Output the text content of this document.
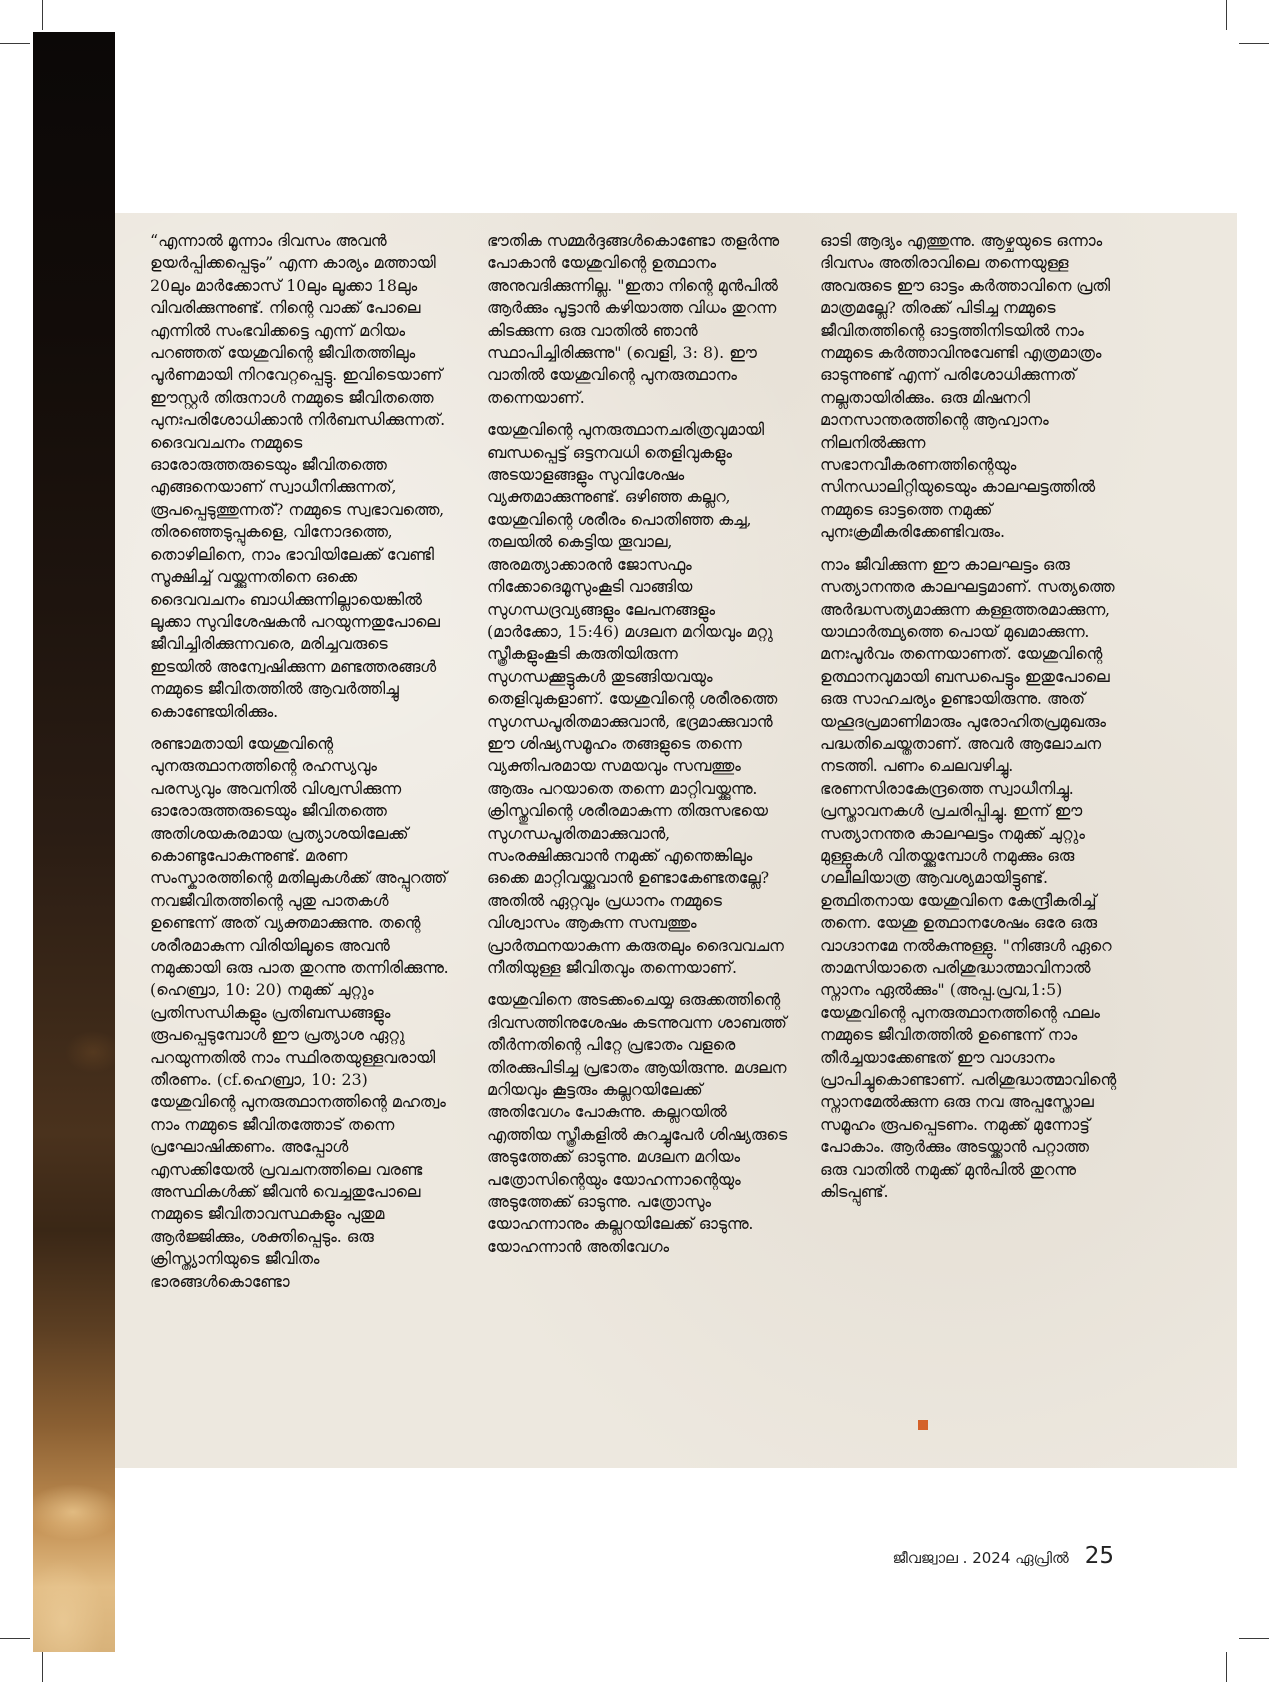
“എന്നാൽ മൂന്നാം ദിവസം അവൻ ഉയർപ്പിക്കപ്പെടും” എന്ന കാര്യം മത്തായി 20ലും മാർക്കോസ് 10ലും ലൂക്കാ 18ലും വിവരിക്കുന്നുണ്ട്. നിന്റെ വാക്ക് പോലെ എന്നിൽ സംഭവിക്കട്ടെ എന്ന് മറിയം പറഞ്ഞത് യേശുവിന്റെ ജീവിതത്തിലും പൂർണമായി നിറവേറ്റപ്പെട്ടു. ഇവിടെയാണ് ഈസ്റ്റർ തിരുനാൾ നമ്മുടെ ജീവിതത്തെ പുനഃപരിശോധിക്കാൻ നിർബന്ധിക്കുന്നത്. ദൈവവചനം നമ്മുടെ ഓരോരുത്തരുടെയും ജീവിതത്തെ എങ്ങനെയാണ് സ്വാധീനിക്കുന്നത്, രൂപപ്പെടുത്തുന്നത്? നമ്മുടെ സ്വഭാവത്തെ, തിരഞ്ഞെടുപ്പുകളെ, വിനോദത്തെ, തൊഴിലിനെ, നാം ഭാവിയിലേക്ക് വേണ്ടി സൂക്ഷിച്ച് വയ്ക്കുന്നതിനെ ഒക്കെ ദൈവവചനം ബാധിക്കുന്നില്ലായെങ്കിൽ ലൂക്കാ സുവിശേഷകൻ പറയുന്നതുപോലെ ജീവിച്ചിരിക്കുന്നവരെ, മരിച്ചവരുടെ ഇടയിൽ അന്വേഷിക്കുന്ന മണ്ടത്തരങ്ങൾ നമ്മുടെ ജീവിതത്തിൽ ആവർത്തിച്ചു കൊണ്ടേയിരിക്കും.

രണ്ടാമതായി യേശുവിന്റെ പുനരുത്ഥാനത്തിന്റെ രഹസ്യവും പരസ്യവും അവനിൽ വിശ്വസിക്കുന്ന ഓരോരുത്തരുടെയും ജീവിതത്തെ അതിശയകരമായ പ്രത്യാശയിലേക്ക് കൊണ്ടുപോകുന്നുണ്ട്. മരണ സംസ്കാരത്തിന്റെ മതിലുകൾക്ക് അപ്പുറത്ത് നവജീവിതത്തിന്റെ പുതു പാതകൾ ഉണ്ടെന്ന് അത് വ്യക്തമാക്കുന്നു. തന്റെ ശരീരമാകുന്ന വിരിയിലൂടെ അവൻ നമുക്കായി ഒരു പാത തുറന്നു തന്നിരിക്കുന്നു. (ഹെബ്രാ, 10: 20) നമുക്ക് ചുറ്റും പ്രതിസന്ധികളും പ്രതിബന്ധങ്ങളും രൂപപ്പെടുമ്പോൾ ഈ പ്രത്യാശ ഏറ്റു പറയുന്നതിൽ നാം സ്ഥിരതയുള്ളവരായി തീരണം. (cf.ഹെബ്രാ, 10: 23) യേശുവിന്റെ പുനരുത്ഥാനത്തിന്റെ മഹത്വം നാം നമ്മുടെ ജീവിതത്തോട് തന്നെ പ്രഘോഷിക്കണം. അപ്പോൾ എസക്കിയേൽ പ്രവചനത്തിലെ വരണ്ട അസ്ഥികൾക്ക് ജീവൻ വെച്ചതുപോലെ നമ്മുടെ ജീവിതാവസ്ഥകളും പുതുമ ആർജ്ജിക്കും, ശക്തിപ്പെടും. ഒരു ക്രിസ്ത്യാനിയുടെ ജീവിതം ഭാരങ്ങൾകൊണ്ടോ

ഭൗതിക സമ്മർദ്ദങ്ങൾകൊണ്ടോ തളർന്നു പോകാൻ യേശുവിന്റെ ഉത്ഥാനം അനുവദിക്കുന്നില്ല. "ഇതാ നിന്റെ മുൻപിൽ ആർക്കും പൂട്ടാൻ കഴിയാത്ത വിധം തുറന്ന കിടക്കുന്ന ഒരു വാതിൽ ഞാൻ സ്ഥാപിച്ചിരിക്കുന്നു" (വെളി, 3: 8). ഈ വാതിൽ യേശുവിന്റെ പുനരുത്ഥാനം തന്നെയാണ്.

യേശുവിന്റെ പുനരുത്ഥാനചരിത്രവുമായി ബന്ധപ്പെട്ട് ഒട്ടനവധി തെളിവുകളും അടയാളങ്ങളും സുവിശേഷം വ്യക്തമാക്കുന്നുണ്ട്. ഒഴിഞ്ഞ കല്ലറ, യേശുവിന്റെ ശരീരം പൊതിഞ്ഞ കച്ച, തലയിൽ കെട്ടിയ തൂവാല, അരമത്യാക്കാരൻ ജോസഫും നിക്കോദെമൂസുംകൂടി വാങ്ങിയ സുഗന്ധദ്രവ്യങ്ങളും ലേപനങ്ങളും (മാർക്കോ, 15:46) മഗ്ദലന മറിയവും മറ്റു സ്ത്രീകളുംകൂടി കരുതിയിരുന്ന സുഗന്ധക്കൂട്ടുകൾ തുടങ്ങിയവയും തെളിവുകളാണ്. യേശുവിന്റെ ശരീരത്തെ സുഗന്ധപൂരിതമാക്കുവാൻ, ഭദ്രമാക്കുവാൻ ഈ ശിഷ്യസമൂഹം തങ്ങളുടെ തന്നെ വ്യക്തിപരമായ സമയവും സമ്പത്തും ആരും പറയാതെ തന്നെ മാറ്റിവയ്ക്കുന്നു. ക്രിസ്തുവിന്റെ ശരീരമാകുന്ന തിരുസഭയെ സുഗന്ധപൂരിതമാക്കുവാൻ, സംരക്ഷിക്കുവാൻ നമുക്ക് എന്തെങ്കിലും ഒക്കെ മാറ്റിവയ്ക്കുവാൻ ഉണ്ടാകേണ്ടതല്ലേ? അതിൽ ഏറ്റവും പ്രധാനം നമ്മുടെ വിശ്വാസം ആകുന്ന സമ്പത്തും പ്രാർത്ഥനയാകുന്ന കരുതലും ദൈവവചന നീതിയുള്ള ജീവിതവും തന്നെയാണ്.

യേശുവിനെ അടക്കംചെയ്യ ഒരുക്കത്തിന്റെ ദിവസത്തിനുശേഷം കടന്നുവന്ന ശാബത്ത് തീർന്നതിന്റെ പിറ്റേ പ്രഭാതം വളരെ തിരക്കുപിടിച്ച പ്രഭാതം ആയിരുന്നു. മഗ്ദലന മറിയവും കൂട്ടരും കല്ലറയിലേക്ക് അതിവേഗം പോകുന്നു. കല്ലറയിൽ എത്തിയ സ്ത്രീകളിൽ കുറച്ചുപേർ ശിഷ്യരുടെ അടുത്തേക്ക് ഓടുന്നു. മഗ്ദലന മറിയം പത്രോസിന്റെയും യോഹന്നാന്റെയും അടുത്തേക്ക് ഓടുന്നു. പത്രോസും യോഹന്നാനും കല്ലറയിലേക്ക് ഓടുന്നു. യോഹന്നാൻ അതിവേഗം

ഓടി ആദ്യം എത്തുന്നു. ആഴ്ചയുടെ ഒന്നാം ദിവസം അതിരാവിലെ തന്നെയുള്ള അവരുടെ ഈ ഓട്ടം കർത്താവിനെ പ്രതി മാത്രമല്ലേ? തിരക്ക് പിടിച്ച നമ്മുടെ ജീവിതത്തിന്റെ ഓട്ടത്തിനിടയിൽ നാം നമ്മുടെ കർത്താവിനുവേണ്ടി എത്രമാത്രം ഓടുന്നുണ്ട് എന്ന് പരിശോധിക്കുന്നത് നല്ലതായിരിക്കും. ഒരു മിഷനറി മാനസാന്തരത്തിന്റെ ആഹ്വാനം നിലനിൽക്കുന്ന സഭാനവീകരണത്തിന്റെയും സിനഡാലിറ്റിയുടെയും കാലഘട്ടത്തിൽ നമ്മുടെ ഓട്ടത്തെ നമുക്ക് പുനഃക്രമീകരിക്കേണ്ടിവരും.

നാം ജീവിക്കുന്ന ഈ കാലഘട്ടം ഒരു സത്യാനന്തര കാലഘട്ടമാണ്. സത്യത്തെ അർദ്ധസത്യമാക്കുന്ന കള്ളത്തരമാക്കുന്ന, യാഥാർത്ഥ്യത്തെ പൊയ് മുഖമാക്കുന്ന. മനഃപൂർവം തന്നെയാണത്. യേശുവിന്റെ ഉത്ഥാനവുമായി ബന്ധപെട്ടും ഇതുപോലെ ഒരു സാഹചര്യം ഉണ്ടായിരുന്നു. അത് യഹൂദപ്രമാണിമാരും പുരോഹിതപ്രമുഖരും പദ്ധതിചെയ്തതാണ്. അവർ ആലോചന നടത്തി. പണം ചെലവഴിച്ചു. ഭരണസിരാകേന്ദ്രത്തെ സ്വാധീനിച്ചു. പ്രസ്താവനകൾ പ്രചരിപ്പിച്ചു. ഇന്ന് ഈ സത്യാനന്തര കാലഘട്ടം നമുക്ക് ചുറ്റും മുള്ളുകൾ വിതയ്ക്കുമ്പോൾ നമുക്കും ഒരു ഗലീലിയാത്ര ആവശ്യമായിട്ടുണ്ട്. ഉത്ഥിതനായ യേശുവിനെ കേന്ദ്രീകരിച്ച് തന്നെ. യേശു ഉത്ഥാനശേഷം ഒരേ ഒരു വാഗ്ദാനമേ നൽകുന്നുള്ളു. "നിങ്ങൾ ഏറെ താമസിയാതെ പരിശുദ്ധാത്മാവിനാൽ സ്നാനം ഏൽക്കും" (അപ്പ.പ്രവ,1:5) യേശുവിന്റെ പുനരുത്ഥാനത്തിന്റെ ഫലം നമ്മുടെ ജീവിതത്തിൽ ഉണ്ടെന്ന് നാം തീർച്ചയാക്കേണ്ടത് ഈ വാഗ്ദാനം പ്രാപിച്ചുകൊണ്ടാണ്. പരിശുദ്ധാത്മാവിന്റെ സ്നാനമേൽക്കുന്ന ഒരു നവ അപ്പസ്തോല സമൂഹം രൂപപ്പെടണം. നമുക്ക് മുന്നോട്ട് പോകാം. ആർക്കും അടയ്ക്കാൻ പറ്റാത്ത ഒരു വാതിൽ നമുക്ക് മുൻപിൽ തുറന്നു കിടപ്പുണ്ട്.

ജീവജ്വാല . 2024 ഏപ്രിൽ 25
